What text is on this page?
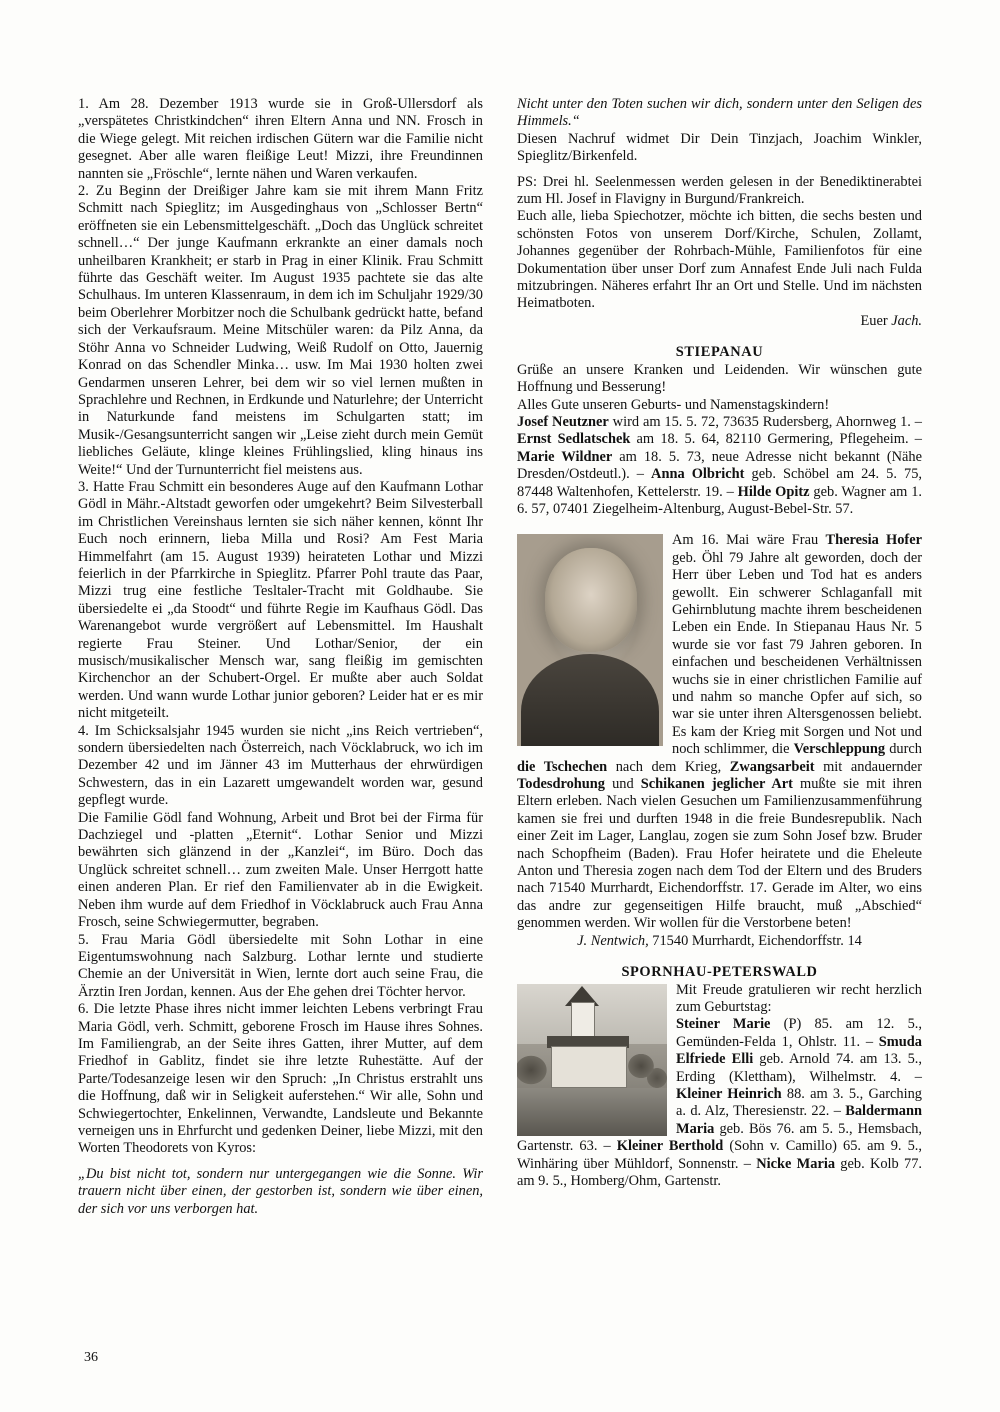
1. Am 28. Dezember 1913 wurde sie in Groß-Ullersdorf als „verspätetes Christkindchen“ ihren Eltern Anna und NN. Frosch in die Wiege gelegt. Mit reichen irdischen Gütern war die Familie nicht gesegnet. Aber alle waren fleißige Leut! Mizzi, ihre Freundinnen nannten sie „Fröschle“, lernte nähen und Waren verkaufen.

2. Zu Beginn der Dreißiger Jahre kam sie mit ihrem Mann Fritz Schmitt nach Spieglitz; im Ausgedinghaus von „Schlosser Bertn“ eröffneten sie ein Lebensmittelgeschäft. „Doch das Unglück schreitet schnell…“ Der junge Kaufmann erkrankte an einer damals noch unheilbaren Krankheit; er starb in Prag in einer Klinik. Frau Schmitt führte das Geschäft weiter. Im August 1935 pachtete sie das alte Schulhaus. Im unteren Klassenraum, in dem ich im Schuljahr 1929/30 beim Oberlehrer Morbitzer noch die Schulbank gedrückt hatte, befand sich der Verkaufsraum. Meine Mitschüler waren: da Pilz Anna, da Stöhr Anna vo Schneider Ludwing, Weiß Rudolf on Otto, Jauernig Konrad on das Schendler Minka… usw. Im Mai 1930 holten zwei Gendarmen unseren Lehrer, bei dem wir so viel lernen mußten in Sprachlehre und Rechnen, in Erdkunde und Naturlehre; der Unterricht in Naturkunde fand meistens im Schulgarten statt; im Musik-/Gesangsunterricht sangen wir „Leise zieht durch mein Gemüt liebliches Geläute, klinge kleines Frühlingslied, kling hinaus ins Weite!“ Und der Turnunterricht fiel meistens aus.

3. Hatte Frau Schmitt ein besonderes Auge auf den Kaufmann Lothar Gödl in Mähr.-Altstadt geworfen oder umgekehrt? Beim Silvesterball im Christlichen Vereinshaus lernten sie sich näher kennen, könnt Ihr Euch noch erinnern, lieba Milla und Rosi? Am Fest Maria Himmelfahrt (am 15. August 1939) heirateten Lothar und Mizzi feierlich in der Pfarrkirche in Spieglitz. Pfarrer Pohl traute das Paar, Mizzi trug eine festliche Tesltaler-Tracht mit Goldhaube. Sie übersiedelte ei „da Stoodt“ und führte Regie im Kaufhaus Gödl. Das Warenangebot wurde vergrößert auf Lebensmittel. Im Haushalt regierte Frau Steiner. Und Lothar/Senior, der ein musisch/musikalischer Mensch war, sang fleißig im gemischten Kirchenchor an der Schubert-Orgel. Er mußte aber auch Soldat werden. Und wann wurde Lothar junior geboren? Leider hat er es mir nicht mitgeteilt.

4. Im Schicksalsjahr 1945 wurden sie nicht „ins Reich vertrieben“, sondern übersiedelten nach Österreich, nach Vöcklabruck, wo ich im Dezember 42 und im Jänner 43 im Mutterhaus der ehrwürdigen Schwestern, das in ein Lazarett umgewandelt worden war, gesund gepflegt wurde.

Die Familie Gödl fand Wohnung, Arbeit und Brot bei der Firma für Dachziegel und -platten „Eternit“. Lothar Senior und Mizzi bewährten sich glänzend in der „Kanzlei“, im Büro. Doch das Unglück schreitet schnell… zum zweiten Male. Unser Herrgott hatte einen anderen Plan. Er rief den Familienvater ab in die Ewigkeit. Neben ihm wurde auf dem Friedhof in Vöcklabruck auch Frau Anna Frosch, seine Schwiegermutter, begraben.

5. Frau Maria Gödl übersiedelte mit Sohn Lothar in eine Eigentumswohnung nach Salzburg. Lothar lernte und studierte Chemie an der Universität in Wien, lernte dort auch seine Frau, die Ärztin Iren Jordan, kennen. Aus der Ehe gehen drei Töchter hervor.

6. Die letzte Phase ihres nicht immer leichten Lebens verbringt Frau Maria Gödl, verh. Schmitt, geborene Frosch im Hause ihres Sohnes. Im Familiengrab, an der Seite ihres Gatten, ihrer Mutter, auf dem Friedhof in Gablitz, findet sie ihre letzte Ruhestätte. Auf der Parte/Todesanzeige lesen wir den Spruch: „In Christus erstrahlt uns die Hoffnung, daß wir in Seligkeit auferstehen.“ Wir alle, Sohn und Schwiegertochter, Enkelinnen, Verwandte, Landsleute und Bekannte verneigen uns in Ehrfurcht und gedenken Deiner, liebe Mizzi, mit den Worten Theodorets von Kyros:

„Du bist nicht tot, sondern nur untergegangen wie die Sonne. Wir trauern nicht über einen, der gestorben ist, sondern wie über einen, der sich vor uns verborgen hat.

Nicht unter den Toten suchen wir dich, sondern unter den Seligen des Himmels.“

Diesen Nachruf widmet Dir Dein Tinzjach, Joachim Winkler, Spieglitz/Birkenfeld.

PS: Drei hl. Seelenmessen werden gelesen in der Benediktinerabtei zum Hl. Josef in Flavigny in Burgund/Frankreich.

Euch alle, lieba Spiechotzer, möchte ich bitten, die sechs besten und schönsten Fotos von unserem Dorf/Kirche, Schulen, Zollamt, Johannes gegenüber der Rohrbach-Mühle, Familienfotos für eine Dokumentation über unser Dorf zum Annafest Ende Juli nach Fulda mitzubringen. Näheres erfahrt Ihr an Ort und Stelle. Und im nächsten Heimatboten.

Euer Jach.

STIEPANAU

Grüße an unsere Kranken und Leidenden. Wir wünschen gute Hoffnung und Besserung!

Alles Gute unseren Geburts- und Namenstagskindern!

Josef Neutzner wird am 15. 5. 72, 73635 Rudersberg, Ahornweg 1. – Ernst Sedlatschek am 18. 5. 64, 82110 Germering, Pflegeheim. – Marie Wildner am 18. 5. 73, neue Adresse nicht bekannt (Nähe Dresden/Ostdeutl.). – Anna Olbricht geb. Schöbel am 24. 5. 75, 87448 Waltenhofen, Kettelerstr. 19. – Hilde Opitz geb. Wagner am 1. 6. 57, 07401 Ziegelheim-Altenburg, August-Bebel-Str. 57.

Am 16. Mai wäre Frau Theresia Hofer geb. Öhl 79 Jahre alt geworden, doch der Herr über Leben und Tod hat es anders gewollt. Ein schwerer Schlaganfall mit Gehirnblutung machte ihrem bescheidenen Leben ein Ende. In Stiepanau Haus Nr. 5 wurde sie vor fast 79 Jahren geboren. In einfachen und bescheidenen Verhältnissen wuchs sie in einer christlichen Familie auf und nahm so manche Opfer auf sich, so war sie unter ihren Altersgenossen beliebt. Es kam der Krieg mit Sorgen und Not und noch schlimmer, die Verschleppung durch die Tschechen nach dem Krieg, Zwangsarbeit mit andauernder Todesdrohung und Schikanen jeglicher Art mußte sie mit ihren Eltern erleben. Nach vielen Gesuchen um Familienzusammenführung kamen sie frei und durften 1948 in die freie Bundesrepublik. Nach einer Zeit im Lager, Langlau, zogen sie zum Sohn Josef bzw. Bruder nach Schopfheim (Baden). Frau Hofer heiratete und die Eheleute Anton und Theresia zogen nach dem Tod der Eltern und des Bruders nach 71540 Murrhardt, Eichendorffstr. 17. Gerade im Alter, wo eins das andre zur gegenseitigen Hilfe braucht, muß „Abschied“ genommen werden. Wir wollen für die Verstorbene beten!

J. Nentwich, 71540 Murrhardt, Eichendorffstr. 14

SPORNHAU-PETERSWALD

Mit Freude gratulieren wir recht herzlich zum Geburtstag:

Steiner Marie (P) 85. am 12. 5., Gemünden-Felda 1, Ohlstr. 11. – Smuda Elfriede Elli geb. Arnold 74. am 13. 5., Erding (Klettham), Wilhelmstr. 4. – Kleiner Heinrich 88. am 3. 5., Garching a. d. Alz, Theresienstr. 22. – Baldermann Maria geb. Bös 76. am 5. 5., Hemsbach, Gartenstr. 63. – Kleiner Berthold (Sohn v. Camillo) 65. am 9. 5., Winhäring über Mühldorf, Sonnenstr. – Nicke Maria geb. Kolb 77. am 9. 5., Homberg/Ohm, Gartenstr.

36
